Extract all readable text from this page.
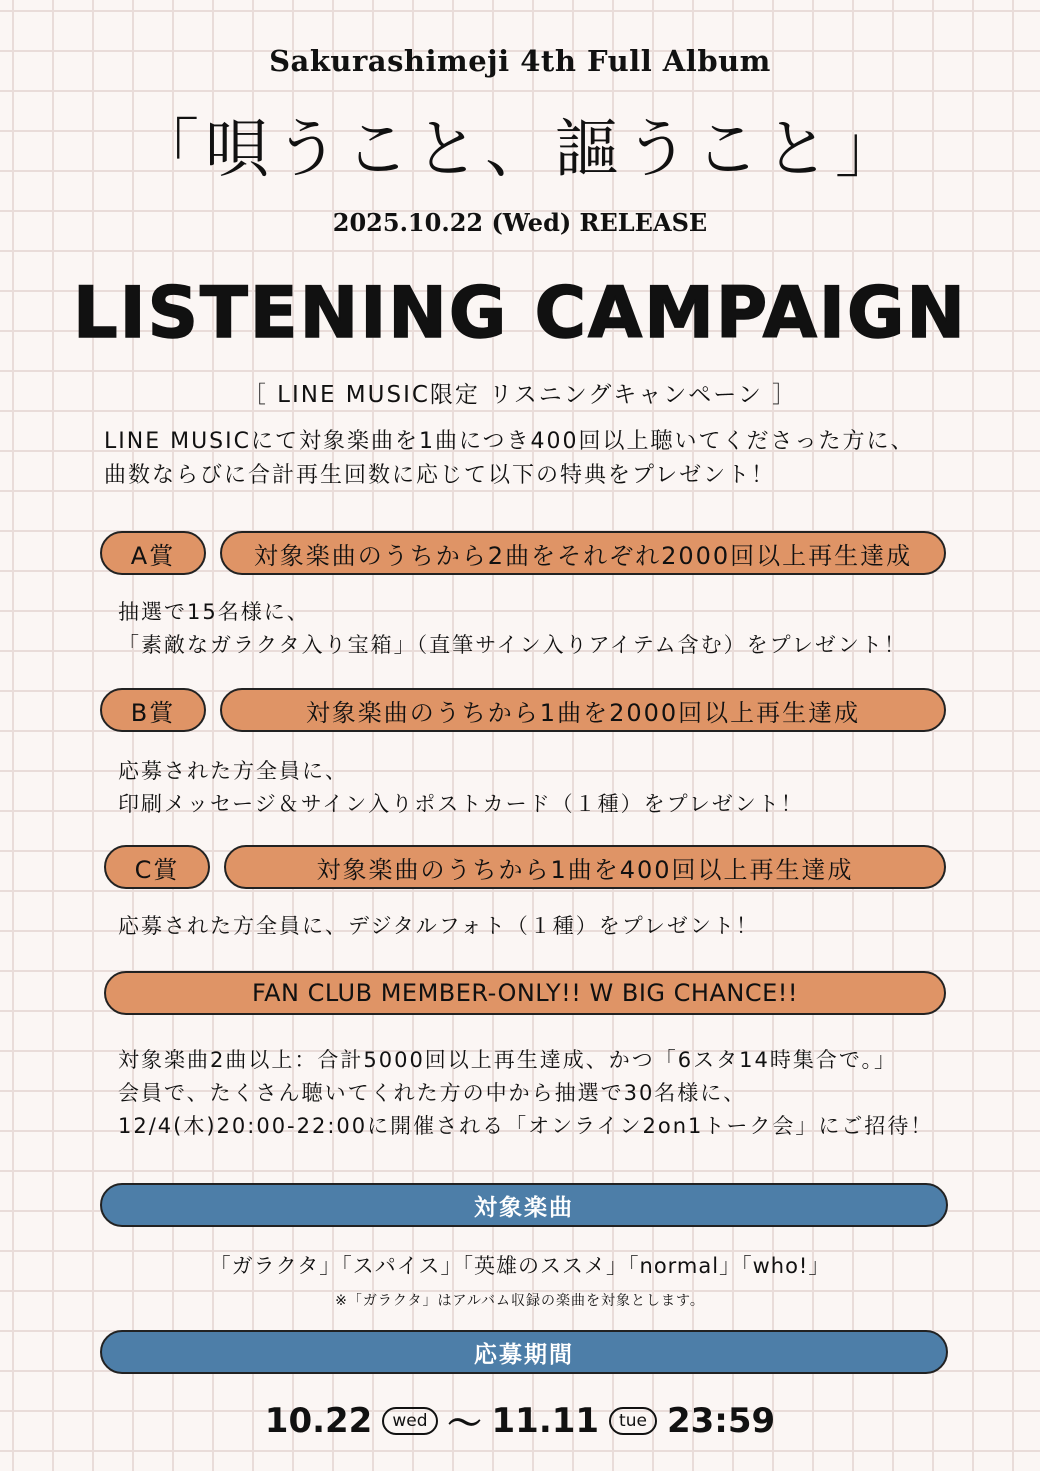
Sakurashimeji 4th Full Album
「唄うこと、謳うこと」
2025.10.22 (Wed) RELEASE
LISTENING CAMPAIGN
［ LINE MUSIC限定 リスニングキャンペーン ］
LINE MUSICにて対象楽曲を1曲につき400回以上聴いてくださった方に、
曲数ならびに合計再生回数に応じて以下の特典をプレゼント！
A賞	対象楽曲のうちから2曲をそれぞれ2000回以上再生達成
抽選で15名様に、
「素敵なガラクタ入り宝箱」（直筆サイン入りアイテム含む）をプレゼント！
B賞	対象楽曲のうちから1曲を2000回以上再生達成
応募された方全員に、
印刷メッセージ＆サイン入りポストカード（１種）をプレゼント！
C賞	対象楽曲のうちから1曲を400回以上再生達成
応募された方全員に、デジタルフォト（１種）をプレゼント！
FAN CLUB MEMBER-ONLY!! W BIG CHANCE!!
対象楽曲2曲以上：合計5000回以上再生達成、かつ「6スタ14時集合で。」
会員で、たくさん聴いてくれた方の中から抽選で30名様に、
12/4(木)20:00-22:00に開催される「オンライン2on1トーク会」にご招待！
対象楽曲
「ガラクタ」「スパイス」「英雄のススメ」「normal」「who!」
※「ガラクタ」はアルバム収録の楽曲を対象とします。
応募期間
10.22	wed 〜 11.11	tue 23:59
